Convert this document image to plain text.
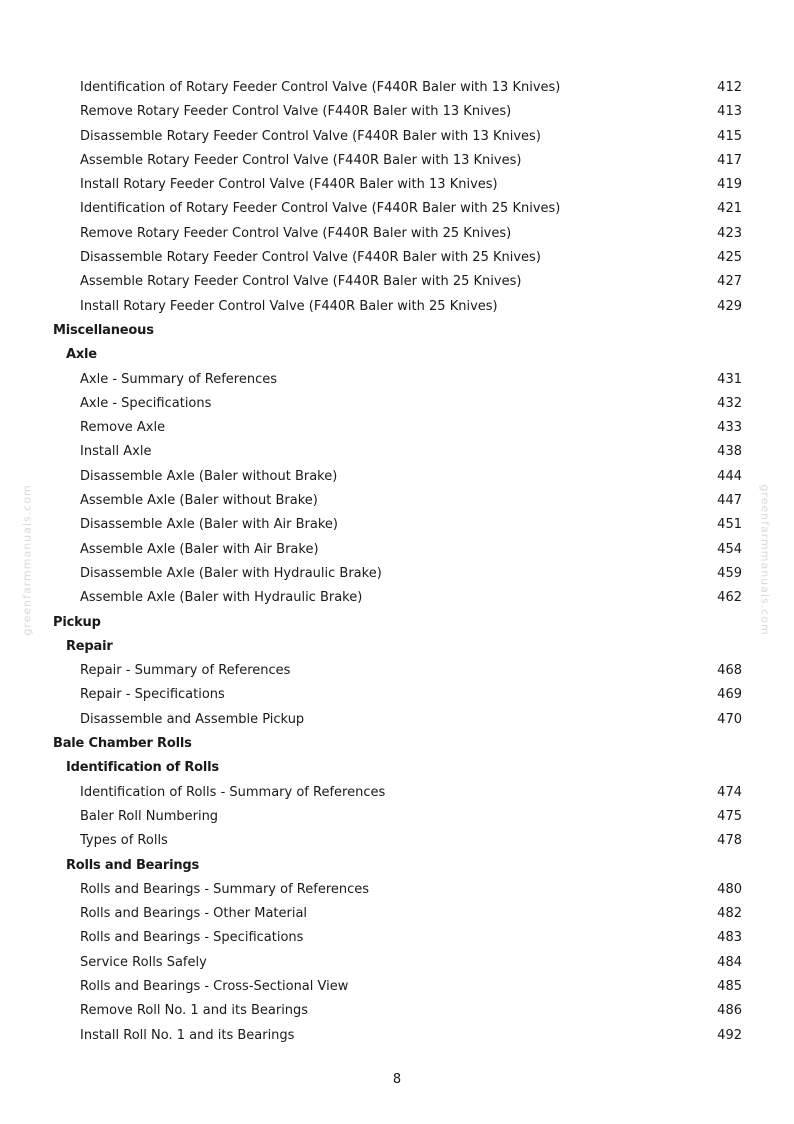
greenfarmmanuals.com	greenfarmmanuals.com
Identification of Rotary Feeder Control Valve (F440R Baler with 13 Knives)	412
Remove Rotary Feeder Control Valve (F440R Baler with 13 Knives)	413
Disassemble Rotary Feeder Control Valve (F440R Baler with 13 Knives)	415
Assemble Rotary Feeder Control Valve (F440R Baler with 13 Knives)	417
Install Rotary Feeder Control Valve (F440R Baler with 13 Knives)	419
Identification of Rotary Feeder Control Valve (F440R Baler with 25 Knives)	421
Remove Rotary Feeder Control Valve (F440R Baler with 25 Knives)	423
Disassemble Rotary Feeder Control Valve (F440R Baler with 25 Knives)	425
Assemble Rotary Feeder Control Valve (F440R Baler with 25 Knives)	427
Install Rotary Feeder Control Valve (F440R Baler with 25 Knives)	429
Miscellaneous
Axle
Axle - Summary of References	431
Axle - Specifications	432
Remove Axle	433
Install Axle	438
Disassemble Axle (Baler without Brake)	444
Assemble Axle (Baler without Brake)	447
Disassemble Axle (Baler with Air Brake)	451
Assemble Axle (Baler with Air Brake)	454
Disassemble Axle (Baler with Hydraulic Brake)	459
Assemble Axle (Baler with Hydraulic Brake)	462
Pickup
Repair
Repair - Summary of References	468
Repair - Specifications	469
Disassemble and Assemble Pickup	470
Bale Chamber Rolls
Identification of Rolls
Identification of Rolls - Summary of References	474
Baler Roll Numbering	475
Types of Rolls	478
Rolls and Bearings
Rolls and Bearings - Summary of References	480
Rolls and Bearings - Other Material	482
Rolls and Bearings - Specifications	483
Service Rolls Safely	484
Rolls and Bearings - Cross-Sectional View	485
Remove Roll No. 1 and its Bearings	486
Install Roll No. 1 and its Bearings	492
8
